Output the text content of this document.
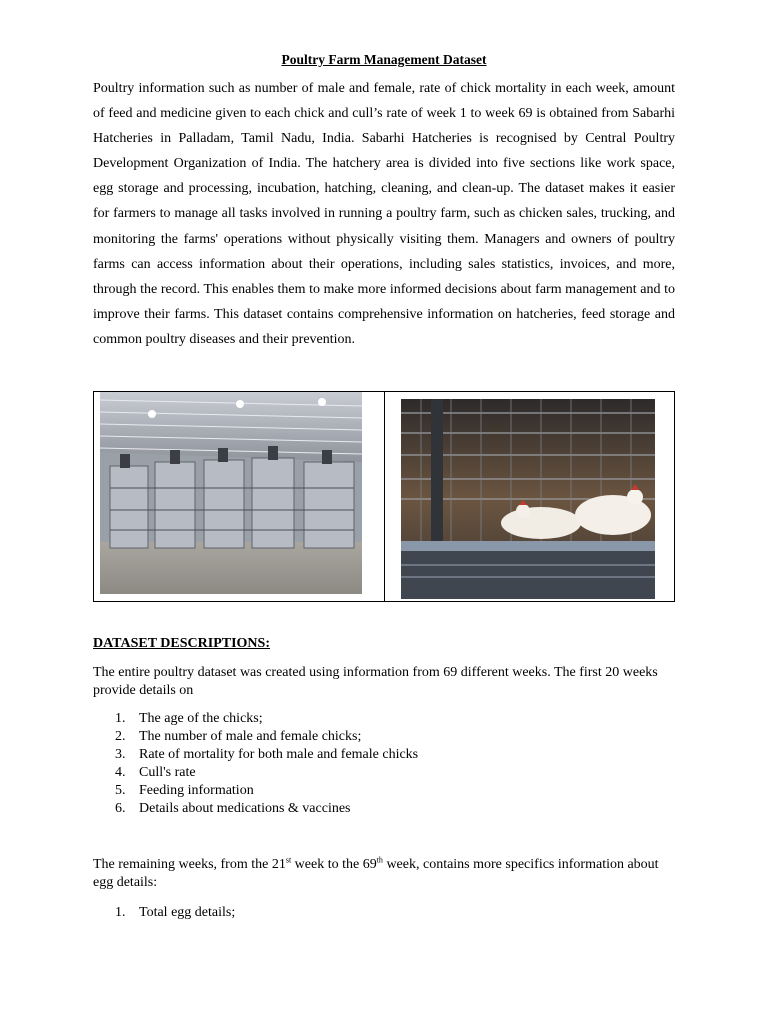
Poultry Farm Management Dataset

Poultry information such as number of male and female, rate of chick mortality in each week, amount of feed and medicine given to each chick and cull’s rate of week 1 to week 69 is obtained from Sabarhi Hatcheries in Palladam, Tamil Nadu, India. Sabarhi Hatcheries is recognised by Central Poultry Development Organization of India. The hatchery area is divided into five sections like work space, egg storage and processing, incubation, hatching, cleaning, and clean-up. The dataset makes it easier for farmers to manage all tasks involved in running a poultry farm, such as chicken sales, trucking, and monitoring the farms' operations without physically visiting them. Managers and owners of poultry farms can access information about their operations, including sales statistics, invoices, and more, through the record. This enables them to make more informed decisions about farm management and to improve their farms. This dataset contains comprehensive information on hatcheries, feed storage and common poultry diseases and their prevention.

DATASET DESCRIPTIONS:

The entire poultry dataset was created using information from 69 different weeks. The first 20 weeks provide details on

1. The age of the chicks;
2. The number of male and female chicks;
3. Rate of mortality for both male and female chicks
4. Cull's rate
5. Feeding information
6. Details about medications & vaccines

The remaining weeks, from the 21st week to the 69th week, contains more specifics information about egg details:

1. Total egg details;
